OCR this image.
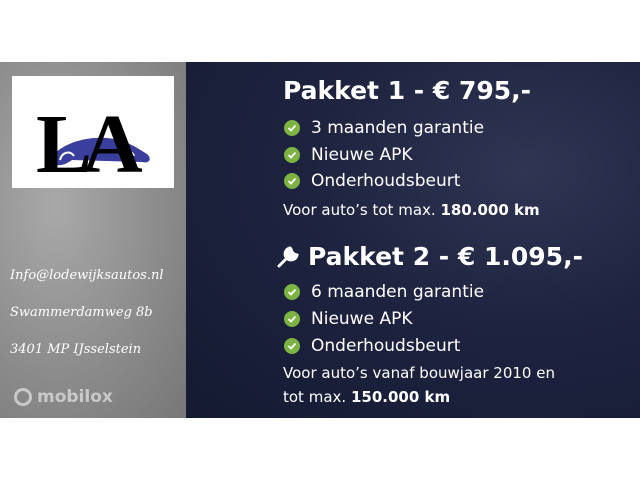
L
A
Info@lodewijksautos.nl
Swammerdamweg 8b
3401 MP IJsselstein
mobilox
Pakket 1 - € 795,-
3 maanden garantie
Nieuwe APK
Onderhoudsbeurt
Voor auto’s tot max. 180.000 km
Pakket 2 - € 1.095,-
6 maanden garantie
Nieuwe APK
Onderhoudsbeurt
Voor auto’s vanaf bouwjaar 2010 en
tot max. 150.000 km
